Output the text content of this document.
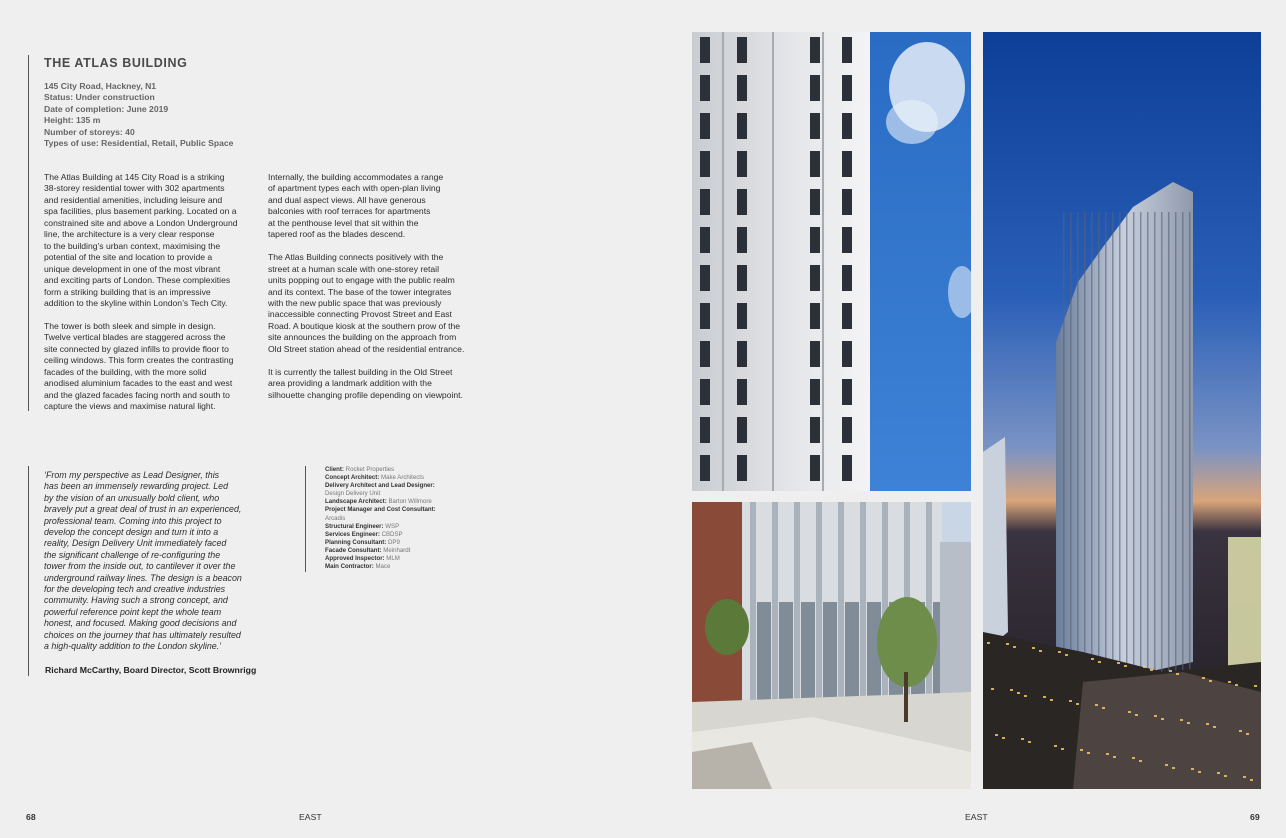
THE ATLAS BUILDING
145 City Road, Hackney, N1
Status: Under construction
Date of completion: June 2019
Height: 135 m
Number of storeys: 40
Types of use: Residential, Retail, Public Space
The Atlas Building at 145 City Road is a striking
38-storey residential tower with 302 apartments
and residential amenities, including leisure and
spa facilities, plus basement parking. Located on a
constrained site and above a London Underground
line, the architecture is a very clear response
to the building’s urban context, maximising the
potential of the site and location to provide a
unique development in one of the most vibrant
and exciting parts of London. These complexities
form a striking building that is an impressive
addition to the skyline within London’s Tech City.
The tower is both sleek and simple in design.
Twelve vertical blades are staggered across the
site connected by glazed infills to provide floor to
ceiling windows. This form creates the contrasting
facades of the building, with the more solid
anodised aluminium facades to the east and west
and the glazed facades facing north and south to
capture the views and maximise natural light.
Internally, the building accommodates a range
of apartment types each with open-plan living
and dual aspect views. All have generous
balconies with roof terraces for apartments
at the penthouse level that sit within the
tapered roof as the blades descend.
The Atlas Building connects positively with the
street at a human scale with one-storey retail
units popping out to engage with the public realm
and its context. The base of the tower integrates
with the new public space that was previously
inaccessible connecting Provost Street and East
Road. A boutique kiosk at the southern prow of the
site announces the building on the approach from
Old Street station ahead of the residential entrance.
It is currently the tallest building in the Old Street
area providing a landmark addition with the
silhouette changing profile depending on viewpoint.
‘From my perspective as Lead Designer, this
has been an immensely rewarding project. Led
by the vision of an unusually bold client, who
bravely put a great deal of trust in an experienced,
professional team. Coming into this project to
develop the concept design and turn it into a
reality, Design Delivery Unit immediately faced
the significant challenge of re-configuring the
tower from the inside out, to cantilever it over the
underground railway lines. The design is a beacon
for the developing tech and creative industries
community. Having such a strong concept, and
powerful reference point kept the whole team
honest, and focused. Making good decisions and
choices on the journey that has ultimately resulted
a high-quality addition to the London skyline.’
Richard McCarthy, Board Director, Scott Brownrigg
Client: Rocket Properties
Concept Architect: Make Architects
Delivery Architect and Lead Designer:
Design Delivery Unit
Landscape Architect: Barton Willmore
Project Manager and Cost Consultant:
Arcadis
Structural Engineer: WSP
Services Engineer: CBDSP
Planning Consultant: DP9
Facade Consultant: Meinhardt
Approved Inspector: MLM
Main Contractor: Mace
68	EAST	EAST	69
